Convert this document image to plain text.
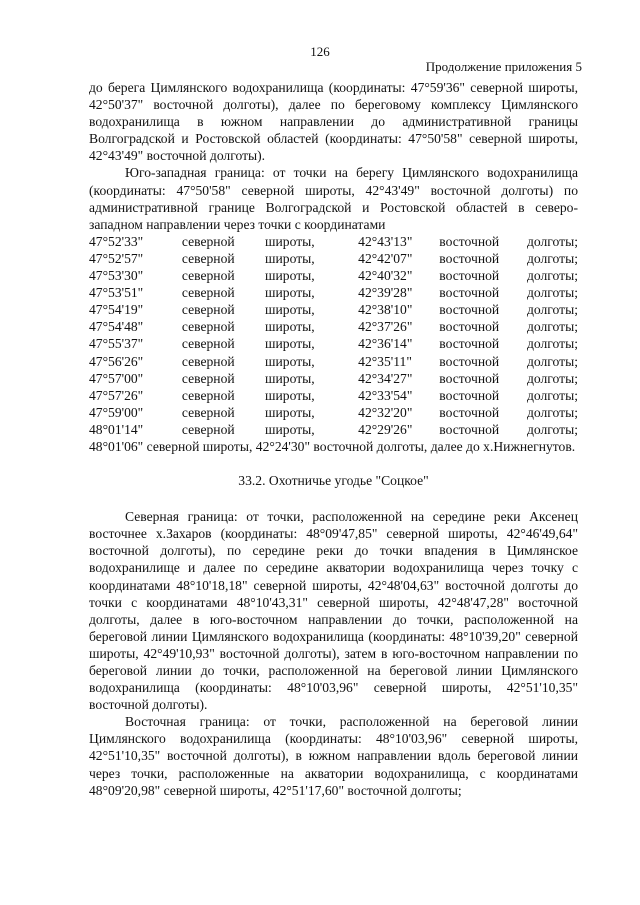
126
Продолжение приложения 5

до берега Цимлянского водохранилища (координаты: 47°59'36" северной широты, 42°50'37" восточной долготы), далее по береговому комплексу Цимлянского водохранилища в южном направлении до административной границы Волгоградской и Ростовской областей (координаты: 47°50'58" северной широты, 42°43'49" восточной долготы).

Юго-западная граница: от точки на берегу Цимлянского водохранилища (координаты: 47°50'58" северной широты, 42°43'49" восточной долготы) по административной границе Волгоградской и Ростовской областей в северо-западном направлении через точки с координатами

47°52'33"	северной	широты,	42°43'13"	восточной	долготы;
47°52'57"	северной	широты,	42°42'07"	восточной	долготы;
47°53'30"	северной	широты,	42°40'32"	восточной	долготы;
47°53'51"	северной	широты,	42°39'28"	восточной	долготы;
47°54'19"	северной	широты,	42°38'10"	восточной	долготы;
47°54'48"	северной	широты,	42°37'26"	восточной	долготы;
47°55'37"	северной	широты,	42°36'14"	восточной	долготы;
47°56'26"	северной	широты,	42°35'11"	восточной	долготы;
47°57'00"	северной	широты,	42°34'27"	восточной	долготы;
47°57'26"	северной	широты,	42°33'54"	восточной	долготы;
47°59'00"	северной	широты,	42°32'20"	восточной	долготы;
48°01'14"	северной	широты,	42°29'26"	восточной	долготы;

48°01'06" северной широты, 42°24'30" восточной долготы, далее до х.Нижнегнутов.

33.2. Охотничье угодье "Соцкое"

Северная граница: от точки, расположенной на середине реки Аксенец восточнее х.Захаров (координаты: 48°09'47,85" северной широты, 42°46'49,64" восточной долготы), по середине реки до точки впадения в Цимлянское водохранилище и далее по середине акватории водохранилища через точку с координатами 48°10'18,18" северной широты, 42°48'04,63" восточной долготы до точки с координатами 48°10'43,31" северной широты, 42°48'47,28" восточной долготы, далее в юго-восточном направлении до точки, расположенной на береговой линии Цимлянского водохранилища (координаты: 48°10'39,20" северной широты, 42°49'10,93" восточной долготы), затем в юго-восточном направлении по береговой линии до точки, расположенной на береговой линии Цимлянского водохранилища (координаты: 48°10'03,96" северной широты, 42°51'10,35" восточной долготы).

Восточная граница: от точки, расположенной на береговой линии Цимлянского водохранилища (координаты: 48°10'03,96" северной широты, 42°51'10,35" восточной долготы), в южном направлении вдоль береговой линии через точки, расположенные на акватории водохранилища, с координатами 48°09'20,98" северной широты, 42°51'17,60" восточной долготы;
